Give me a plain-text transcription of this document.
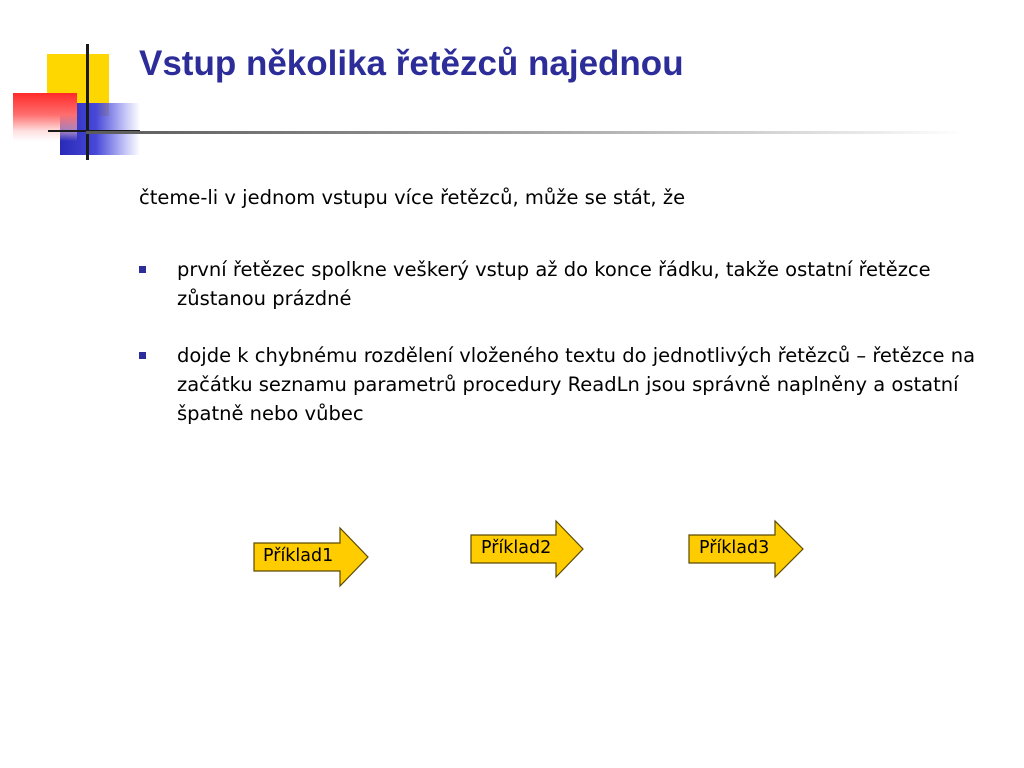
Vstup několika řetězců najednou
čteme-li v jednom vstupu více řetězců, může se stát, že
první řetězec spolkne veškerý vstup až do konce řádku, takže ostatní řetězce zůstanou prázdné
dojde k chybnému rozdělení vloženého textu do jednotlivých řetězců – řetězce na začátku seznamu parametrů procedury ReadLn jsou správně naplněny a ostatní špatně nebo vůbec
Příklad1	Příklad2	Příklad3
